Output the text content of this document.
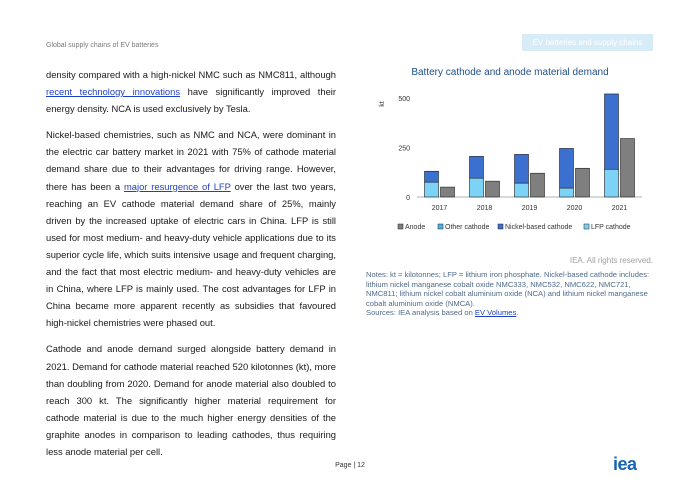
Global supply chains of EV batteries	EV batteries and supply chains

density compared with a high-nickel NMC such as NMC811, although recent technology innovations have significantly improved their energy density. NCA is used exclusively by Tesla.

Nickel-based chemistries, such as NMC and NCA, were dominant in the electric car battery market in 2021 with 75% of cathode material demand share due to their advantages for driving range. However, there has been a major resurgence of LFP over the last two years, reaching an EV cathode material demand share of 25%, mainly driven by the increased uptake of electric cars in China. LFP is still used for most medium- and heavy-duty vehicle applications due to its superior cycle life, which suits intensive usage and frequent charging, and the fact that most electric medium- and heavy-duty vehicles are in China, where LFP is mainly used. The cost advantages for LFP in China became more apparent recently as subsidies that favoured high-nickel chemistries were phased out.

Cathode and anode demand surged alongside battery demand in 2021. Demand for cathode material reached 520 kilotonnes (kt), more than doubling from 2020. Demand for anode material also doubled to reach 300 kt. The significantly higher material requirement for cathode material is due to the much higher energy densities of the graphite anodes in comparison to leading cathodes, thus requiring less anode material per cell.

Battery cathode and anode material demand
kt
0
250
500
2017	2018	2019	2020	2021
Anode	Other cathode Nickel-based cathode	LFP cathode
IEA. All rights reserved.
Notes: kt = kilotonnes; LFP = lithium iron phosphate. Nickel-based cathode includes: lithium nickel manganese cobalt oxide NMC333, NMC532, NMC622, NMC721, NMC811; lithium nickel cobalt aluminium oxide (NCA) and lithium nickel manganese cobalt aluminium oxide (NMCA).
Sources: IEA analysis based on EV Volumes.
Page | 12	iea
